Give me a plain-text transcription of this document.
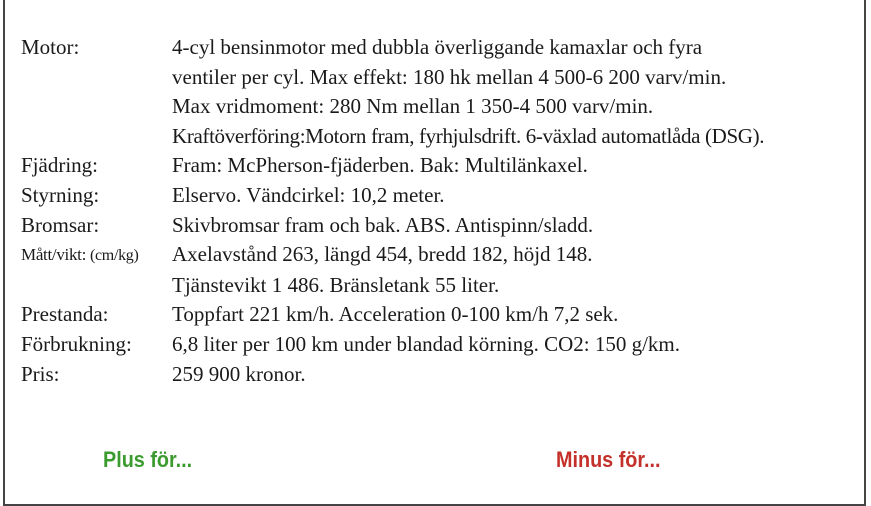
Motor:	4-cyl bensinmotor med dubbla överliggande kamaxlar och fyra
ventiler per cyl. Max effekt: 180 hk mellan 4 500-6 200 varv/min.
Max vridmoment: 280 Nm mellan 1 350-4 500 varv/min.
Kraftöverföring:Motorn fram, fyrhjulsdrift. 6-växlad automatlåda (DSG).
Fjädring:	Fram: McPherson-fjäderben. Bak: Multilänkaxel.
Styrning:	Elservo. Vändcirkel: 10,2 meter.
Bromsar:	Skivbromsar fram och bak. ABS. Antispinn/sladd.
Mått/vikt: (cm/kg)	Axelavstånd 263, längd 454, bredd 182, höjd 148.
Tjänstevikt 1 486. Bränsletank 55 liter.
Prestanda:	Toppfart 221 km/h. Acceleration 0-100 km/h 7,2 sek.
Förbrukning:	6,8 liter per 100 km under blandad körning. CO2: 150 g/km.
Pris:	259 900 kronor.
Plus för...	Minus för...
